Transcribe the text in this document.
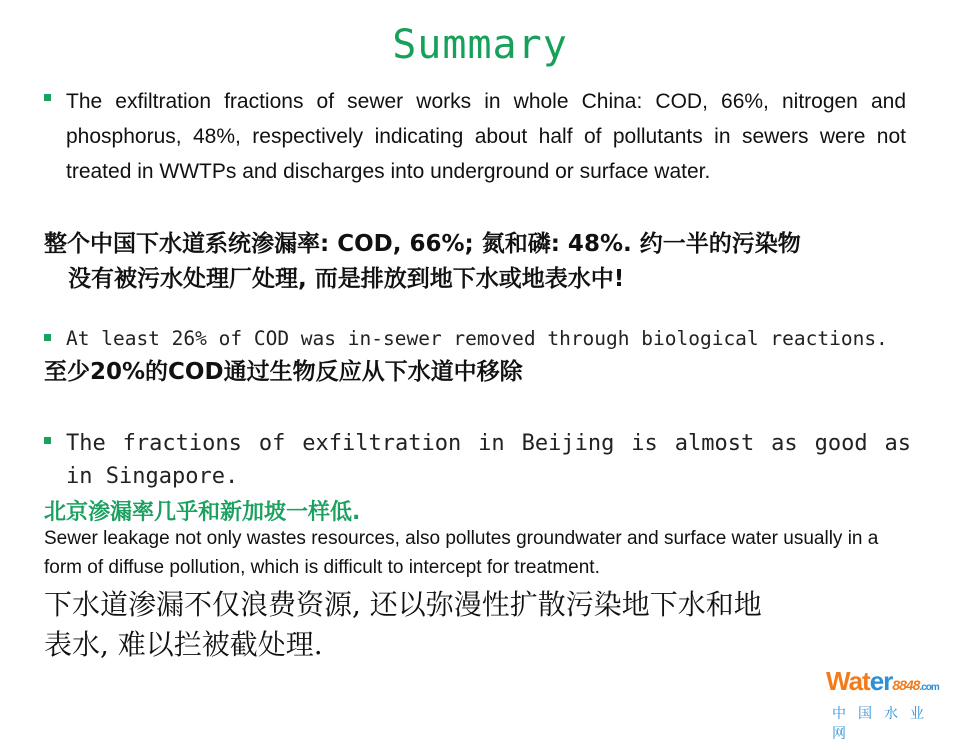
Summary
The exfiltration fractions of sewer works in whole China: COD, 66%, nitrogen and phosphorus, 48%, respectively indicating about half of pollutants in sewers were not treated in WWTPs and discharges into underground or surface water.
整个中国下水道系统渗漏率: COD, 66%; 氮和磷: 48%. 约一半的污染物
没有被污水处理厂处理, 而是排放到地下水或地表水中!
At least 26% of COD was in-sewer removed through biological reactions.
至少20%的COD通过生物反应从下水道中移除
The fractions of exfiltration in Beijing is almost as good as
in Singapore.
北京渗漏率几乎和新加坡一样低.
Sewer leakage not only wastes resources, also pollutes groundwater and surface water usually in a form of diffuse pollution, which is difficult to intercept for treatment.
下水道渗漏不仅浪费资源, 还以弥漫性扩散污染地下水和地
表水, 难以拦被截处理.
Water8848.com
中国水业网
